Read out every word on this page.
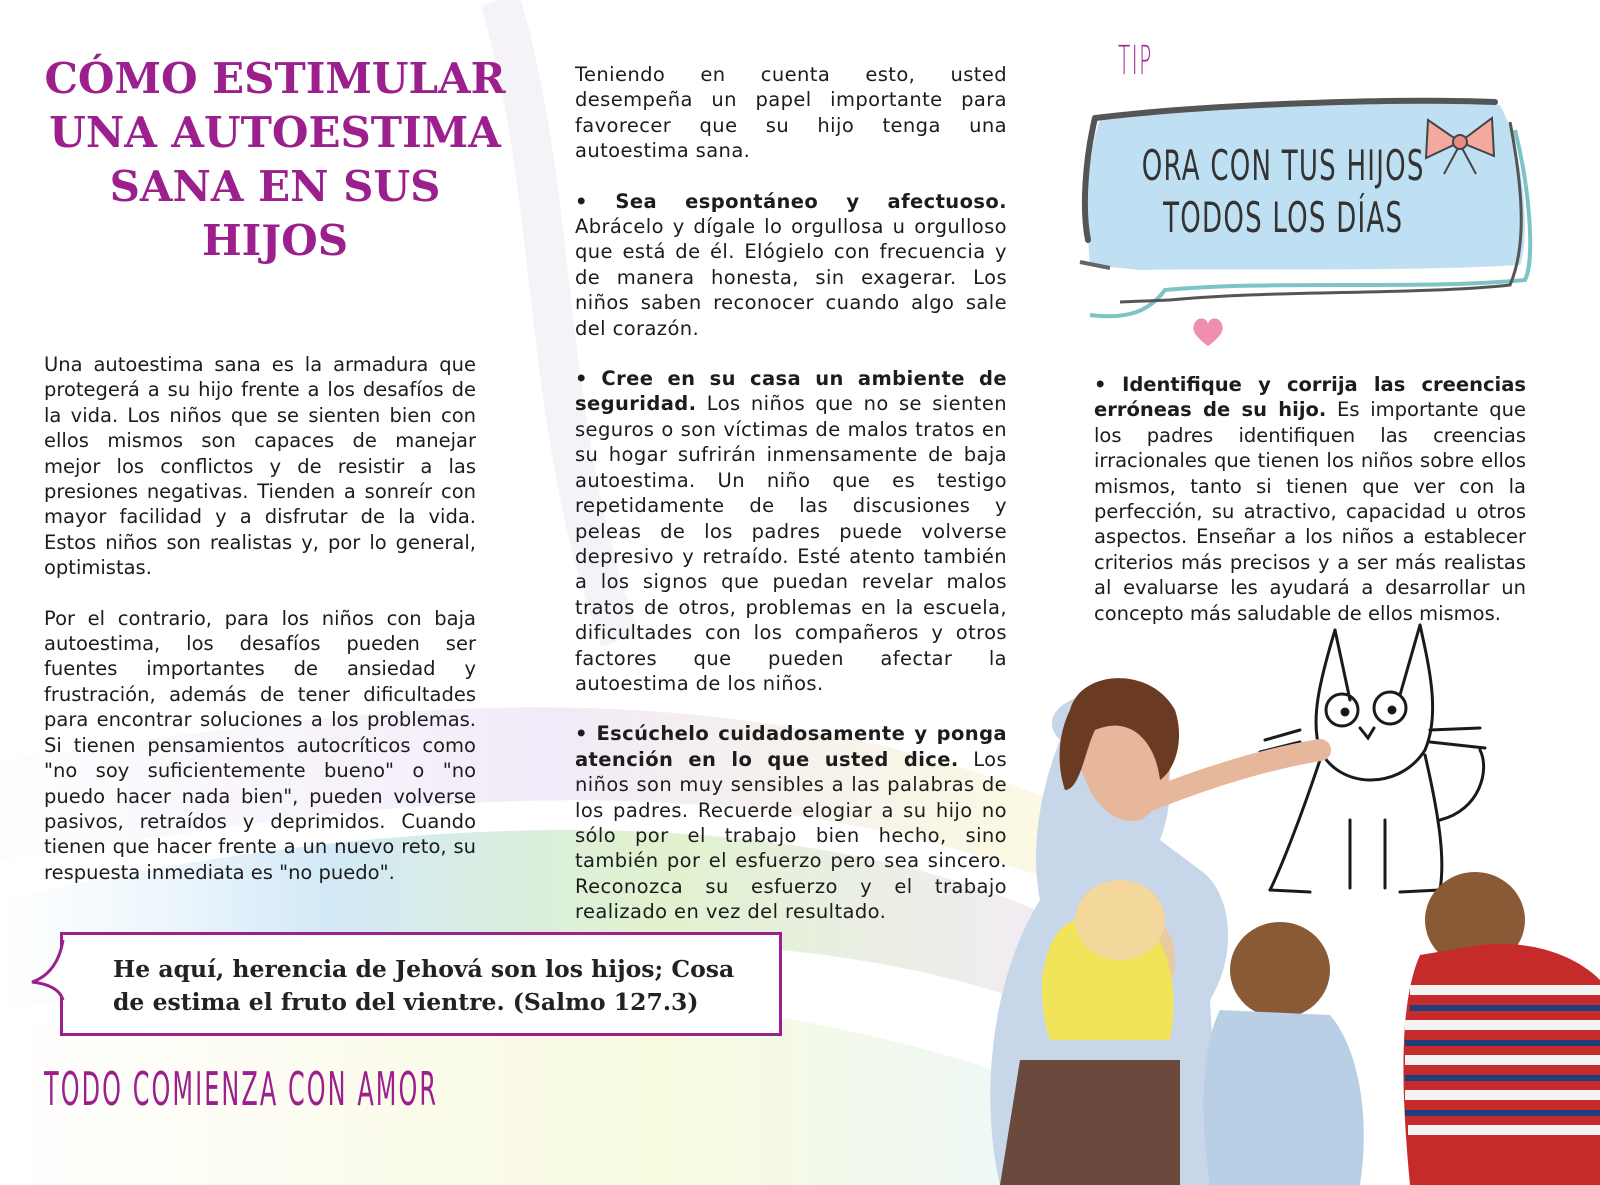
CÓMO ESTIMULAR UNA AUTOESTIMA SANA EN SUS HIJOS

Una autoestima sana es la armadura que protegerá a su hijo frente a los desafíos de la vida. Los niños que se sienten bien con ellos mismos son capaces de manejar mejor los conflictos y de resistir a las presiones negativas. Tienden a sonreír con mayor facilidad y a disfrutar de la vida. Estos niños son realistas y, por lo general, optimistas.

Por el contrario, para los niños con baja autoestima, los desafíos pueden ser fuentes importantes de ansiedad y frustración, además de tener dificultades para encontrar soluciones a los problemas. Si tienen pensamientos autocríticos como "no soy suficientemente bueno" o "no puedo hacer nada bien", pueden volverse pasivos, retraídos y deprimidos. Cuando tienen que hacer frente a un nuevo reto, su respuesta inmediata es "no puedo".

Teniendo en cuenta esto, usted desempeña un papel importante para favorecer que su hijo tenga una autoestima sana.

• Sea espontáneo y afectuoso. Abrácelo y dígale lo orgullosa u orgulloso que está de él. Elógielo con frecuencia y de manera honesta, sin exagerar. Los niños saben reconocer cuando algo sale del corazón.

• Cree en su casa un ambiente de seguridad. Los niños que no se sienten seguros o son víctimas de malos tratos en su hogar sufrirán inmensamente de baja autoestima. Un niño que es testigo repetidamente de las discusiones y peleas de los padres puede volverse depresivo y retraído. Esté atento también a los signos que puedan revelar malos tratos de otros, problemas en la escuela, dificultades con los compañeros y otros factores que pueden afectar la autoestima de los niños.

• Escúchelo cuidadosamente y ponga atención en lo que usted dice. Los niños son muy sensibles a las palabras de los padres. Recuerde elogiar a su hijo no sólo por el trabajo bien hecho, sino también por el esfuerzo pero sea sincero. Reconozca su esfuerzo y el trabajo realizado en vez del resultado.

TIP
ORA CON TUS HIJOS
TODOS LOS DÍAS

• Identifique y corrija las creencias erróneas de su hijo. Es importante que los padres identifiquen las creencias irracionales que tienen los niños sobre ellos mismos, tanto si tienen que ver con la perfección, su atractivo, capacidad u otros aspectos. Enseñar a los niños a establecer criterios más precisos y a ser más realistas al evaluarse les ayudará a desarrollar un concepto más saludable de ellos mismos.

He aquí, herencia de Jehová son los hijos; Cosa de estima el fruto del vientre. (Salmo 127.3)
TODO COMIENZA CON AMOR
